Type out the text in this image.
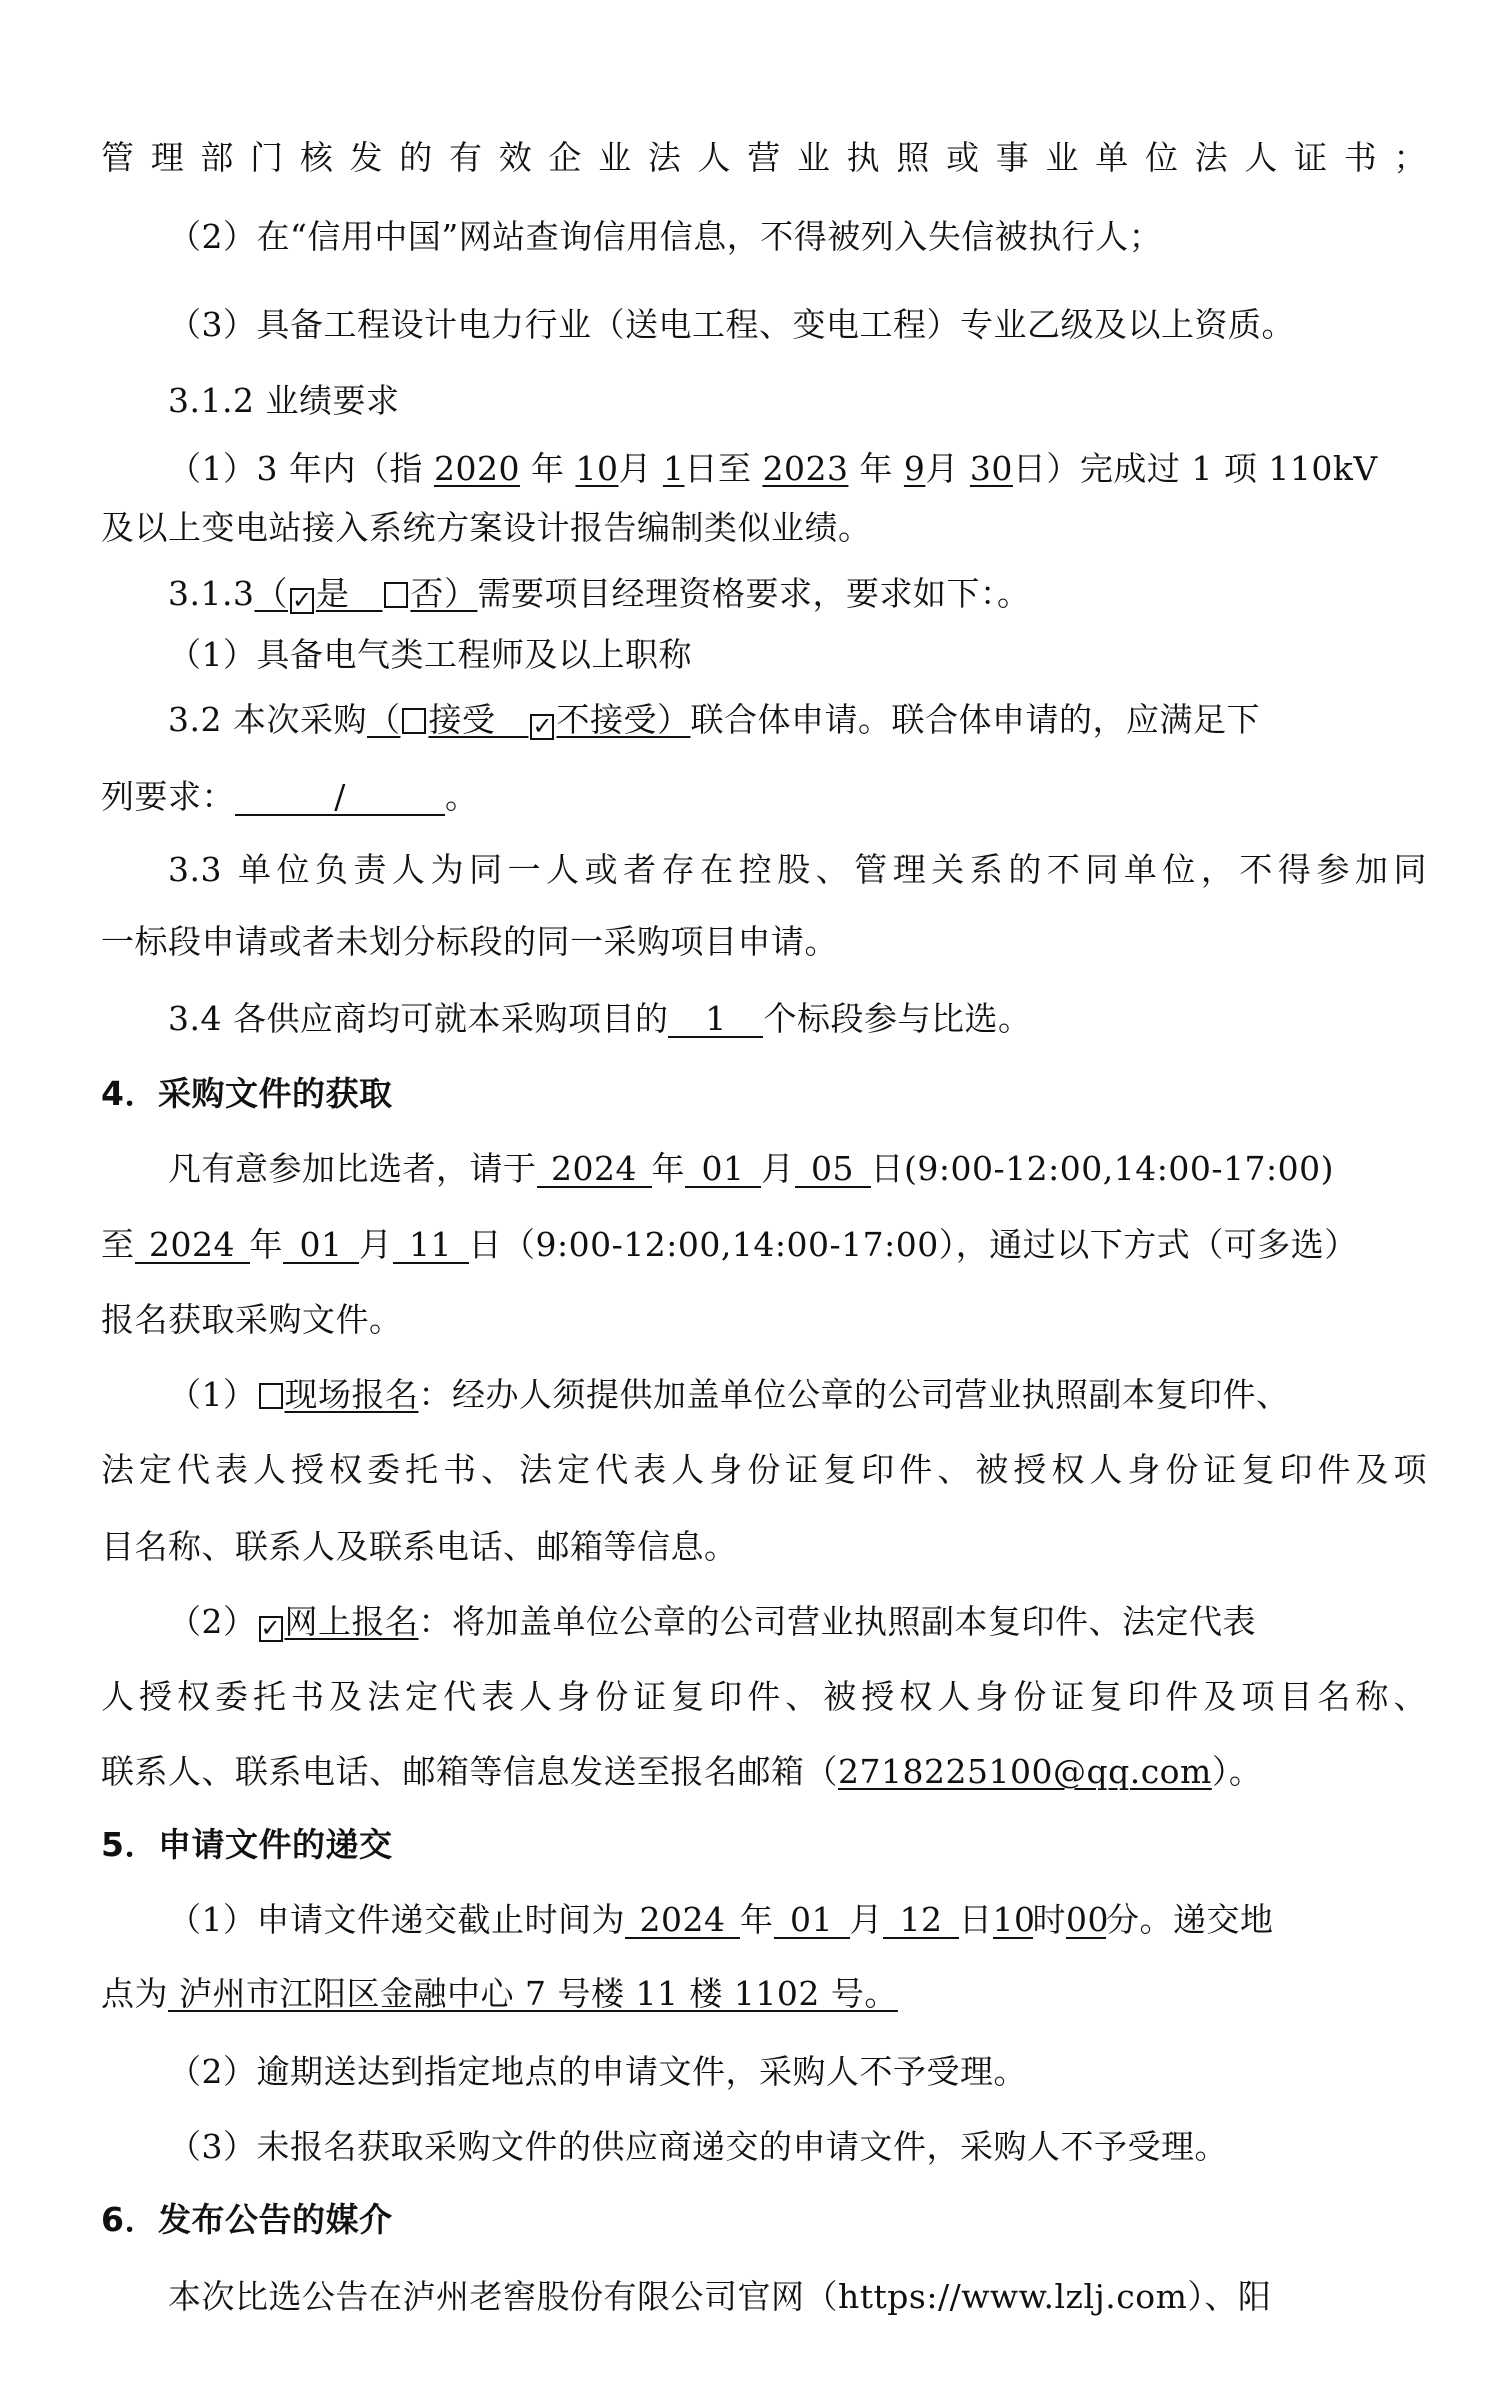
管理部门核发的有效企业法人营业执照或事业单位法人证书；
（2）在“信用中国”网站查询信用信息，不得被列入失信被执行人；
（3）具备工程设计电力行业（送电工程、变电工程）专业乙级及以上资质。
3.1.2 业绩要求
（1）3 年内（指 2020 年 10月 1日至 2023 年 9月 30日）完成过 1 项 110kV
及以上变电站接入系统方案设计报告编制类似业绩。
3.1.3（ ✓ 是 否）需要项目经理资格要求，要求如下：。
（1）具备电气类工程师及以上职称
3.2 本次采购（ 接受 ✓ 不接受）联合体申请。联合体申请的，应满足下
列要求：	/	。
3.3 单位负责人为同一人或者存在控股、管理关系的不同单位，不得参加同
一标段申请或者未划分标段的同一采购项目申请。
3.4 各供应商均可就本采购项目的 1 个标段参与比选。
4．采购文件的获取
凡有意参加比选者，请于 2024 年 01 月 05 日(9:00-12:00,14:00-17:00)
至 2024 年 01 月 11 日（9:00-12:00,14:00-17:00），通过以下方式（可多选）
报名获取采购文件。
（1） 现场报名：经办人须提供加盖单位公章的公司营业执照副本复印件、
法定代表人授权委托书、法定代表人身份证复印件、被授权人身份证复印件及项
目名称、联系人及联系电话、邮箱等信息。
（2） ✓ 网上报名：将加盖单位公章的公司营业执照副本复印件、法定代表
人授权委托书及法定代表人身份证复印件、被授权人身份证复印件及项目名称、
联系人、联系电话、邮箱等信息发送至报名邮箱（2718225100@qq.com）。
5．申请文件的递交
（1）申请文件递交截止时间为 2024 年 01 月 12 日10时00分。递交地
点为 泸州市江阳区金融中心 7 号楼 11 楼 1102 号。
（2）逾期送达到指定地点的申请文件，采购人不予受理。
（3）未报名获取采购文件的供应商递交的申请文件，采购人不予受理。
6．发布公告的媒介
本次比选公告在泸州老窖股份有限公司官网（https://www.lzlj.com）、阳
